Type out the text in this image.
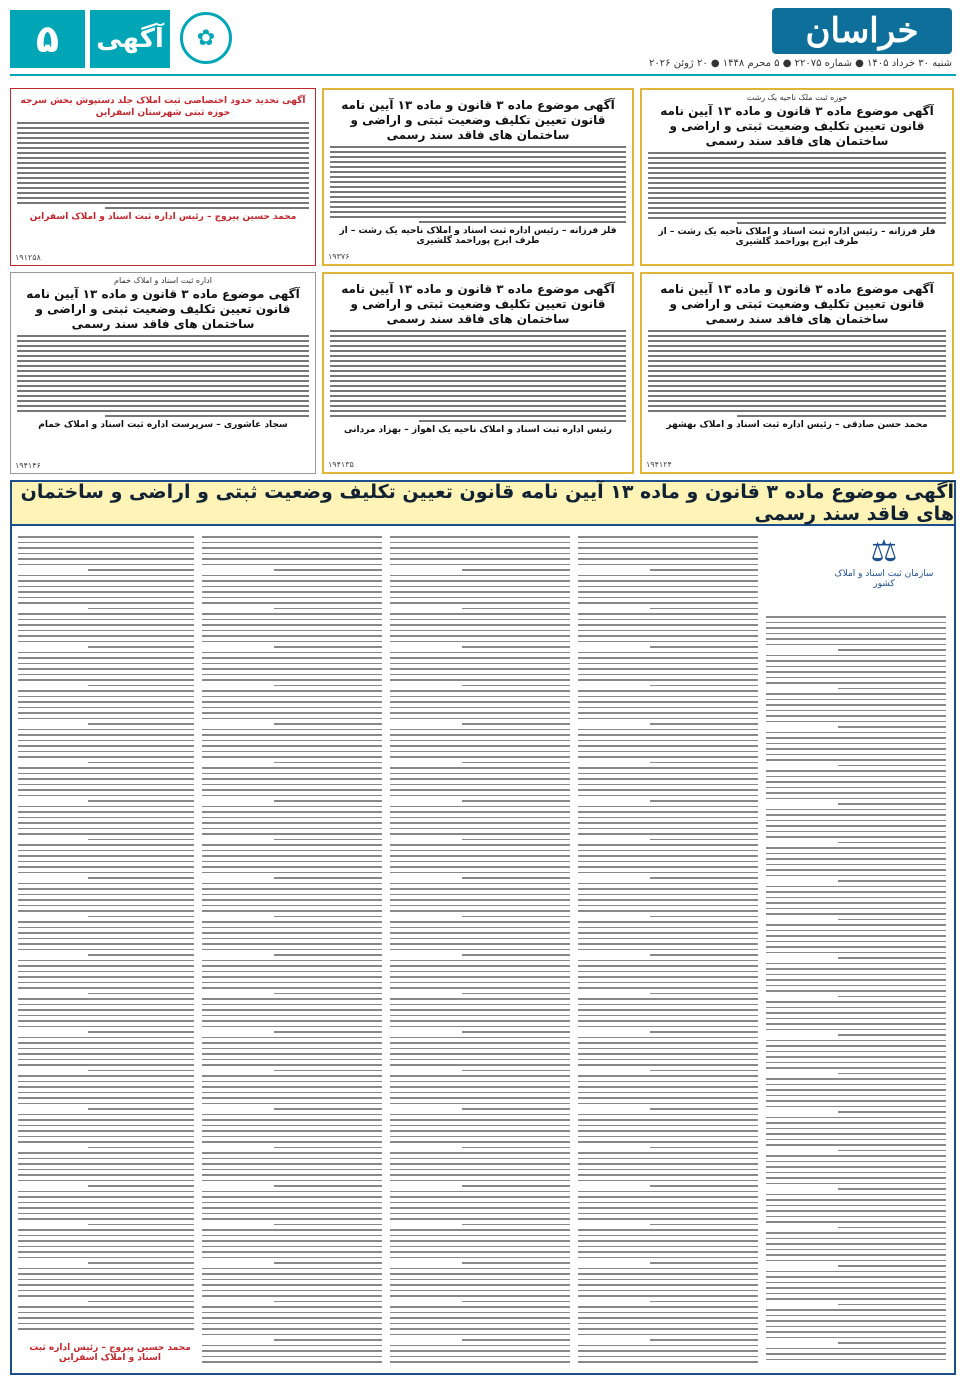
۵	آگهی	✿	خراسان
شنبه ۳۰ خرداد ۱۴۰۵ ● شماره ۲۲۰۷۵ ● ۵ محرم ۱۴۴۸ ● ۲۰ ژوئن ۲۰۲۶
حوزه ثبت ملک ناحیه یک رشت
آگهی موضوع ماده ۳ قانون و ماده ۱۳ آیین نامه قانون تعیین تکلیف وضعیت ثبتی و اراضی و ساختمان های فاقد سند رسمی
فلز فرزانه – رئیس اداره ثبت اسناد و املاک ناحیه یک رشت – از طرف ایرج پوراحمد گلشیری
آگهی موضوع ماده ۳ قانون و ماده ۱۳ آیین نامه قانون تعیین تکلیف وضعیت ثبتی و اراضی و ساختمان های فاقد سند رسمی
فلز فرزانه – رئیس اداره ثبت اسناد و املاک ناحیه یک رشت – از طرف ایرج پوراحمد گلشیری
۱۹۳۷۶
آگهی تحدید حدود اختصاصی ثبت املاک جلد دستپوش بخش سرجه حوزه ثبتی شهرستان اسفراین
محمد حسین پیروج – رئیس اداره ثبت اسناد و املاک اسفراین
۱۹۱۲۵۸
آگهی موضوع ماده ۳ قانون و ماده ۱۳ آیین نامه قانون تعیین تکلیف وضعیت ثبتی و اراضی و ساختمان های فاقد سند رسمی
محمد حسن صادقی – رئیس اداره ثبت اسناد و املاک بهشهر
۱۹۴۱۲۴
آگهی موضوع ماده ۳ قانون و ماده ۱۳ آیین نامه قانون تعیین تکلیف وضعیت ثبتی و اراضی و ساختمان های فاقد سند رسمی
رئیس اداره ثبت اسناد و املاک ناحیه یک اهواز – بهزاد مردانی
۱۹۴۱۳۵
اداره ثبت اسناد و املاک خمام
آگهی موضوع ماده ۳ قانون و ماده ۱۳ آیین نامه قانون تعیین تکلیف وضعیت ثبتی و اراضی و ساختمان های فاقد سند رسمی
سجاد عاشوری – سرپرست اداره ثبت اسناد و املاک خمام
۱۹۴۱۴۶
آگهی موضوع ماده ۳ قانون و ماده ۱۳ آیین نامه قانون تعیین تکلیف وضعیت ثبتی و اراضی و ساختمان های فاقد سند رسمی
⚖
سازمان ثبت اسناد و املاک کشور
محمد حسین پیروج – رئیس اداره ثبت اسناد و املاک اسفراین
